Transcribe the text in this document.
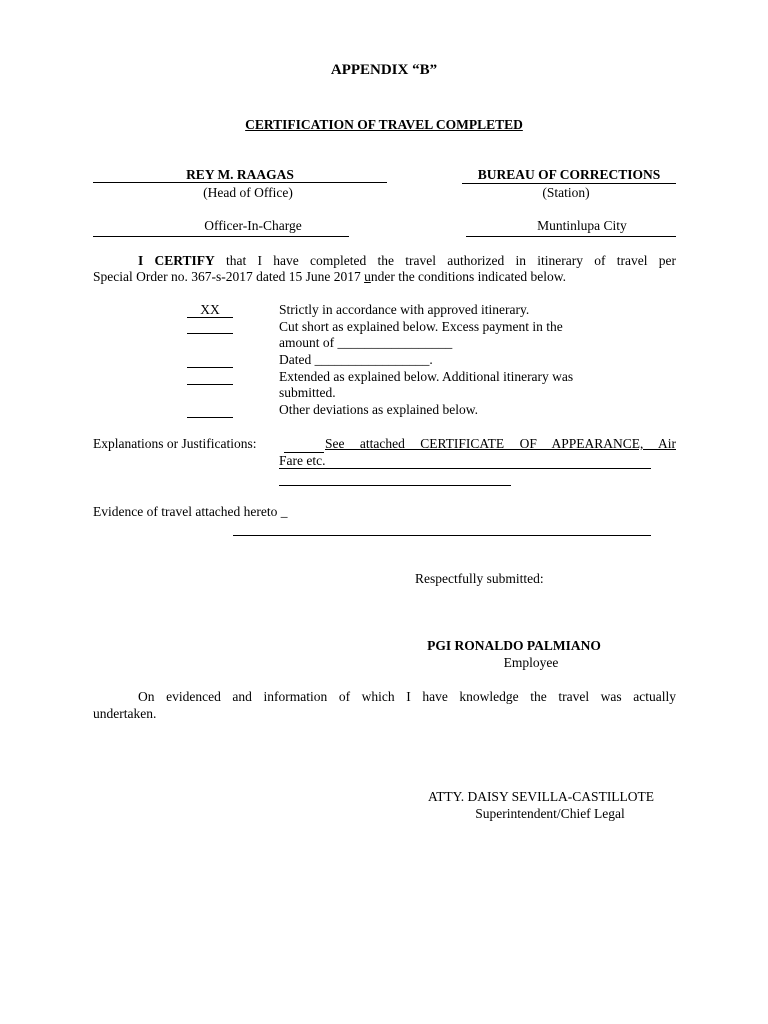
APPENDIX “B”
CERTIFICATION OF TRAVEL COMPLETED
REY M. RAAGAS
(Head of Office)
Officer-In-Charge
BUREAU OF CORRECTIONS
(Station)
Muntinlupa City
I CERTIFY that I have completed the travel authorized in itinerary of travel per
Special Order no. 367-s-2017 dated 15 June 2017 under the conditions indicated below.
XX	Strictly in accordance with approved itinerary.
Cut short as explained below. Excess payment in the
amount of _________________
Dated _________________.
Extended as explained below. Additional itinerary was
submitted.
Other deviations as explained below.
Explanations or Justifications:	See attached CERTIFICATE OF APPEARANCE, Air
Fare etc.
Evidence of travel attached hereto _
Respectfully submitted:
PGI RONALDO PALMIANO
Employee
On evidenced and information of which I have knowledge the travel was actually
undertaken.
ATTY. DAISY SEVILLA-CASTILLOTE
Superintendent/Chief Legal
